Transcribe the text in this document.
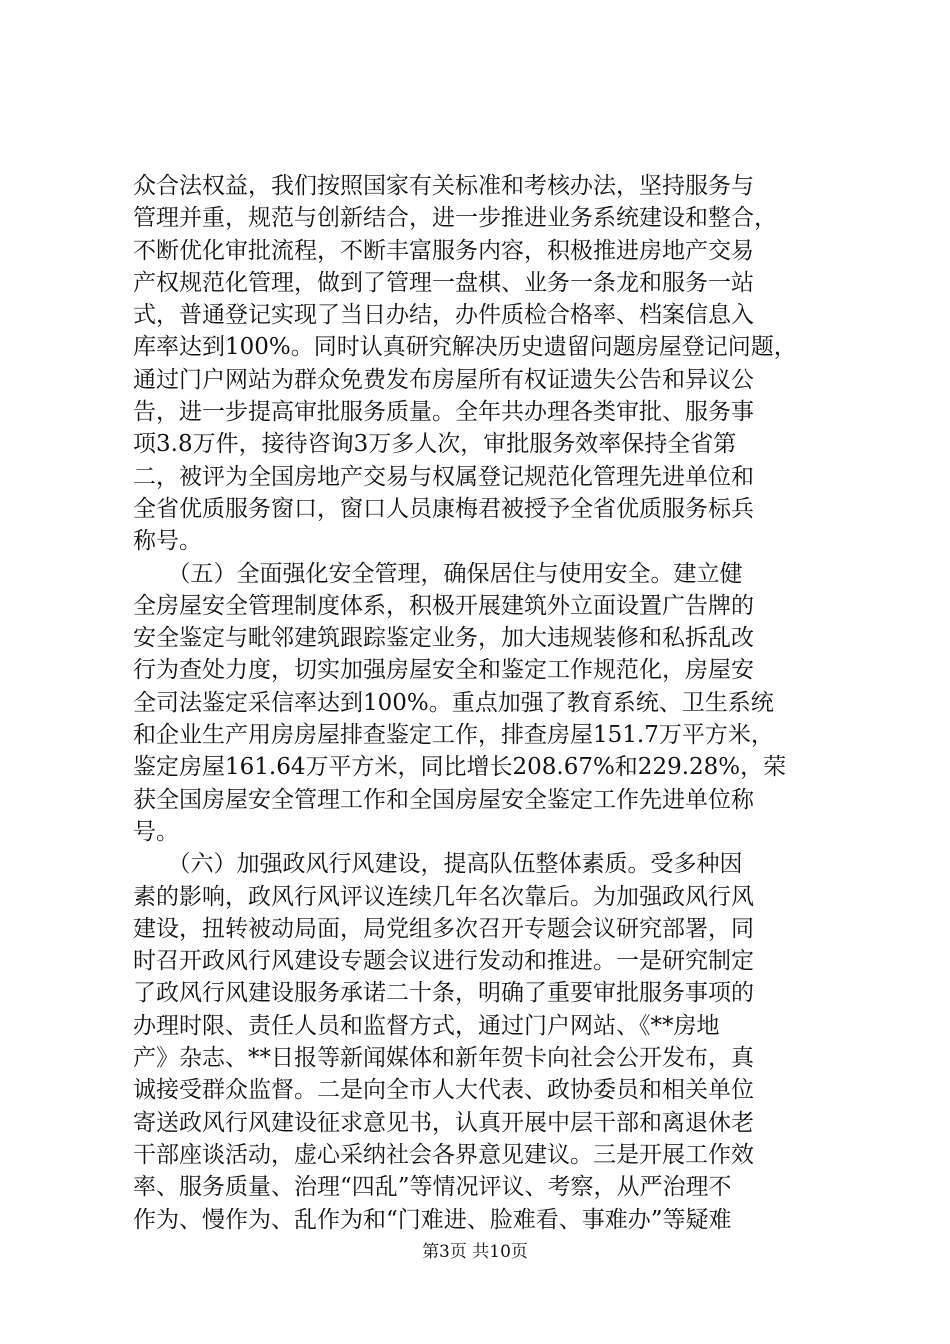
众合法权益，我们按照国家有关标准和考核办法，坚持服务与
管理并重，规范与创新结合，进一步推进业务系统建设和整合，
不断优化审批流程，不断丰富服务内容，积极推进房地产交易
产权规范化管理，做到了管理一盘棋、业务一条龙和服务一站
式，普通登记实现了当日办结，办件质检合格率、档案信息入
库率达到100%。同时认真研究解决历史遗留问题房屋登记问题，
通过门户网站为群众免费发布房屋所有权证遗失公告和异议公
告，进一步提高审批服务质量。全年共办理各类审批、服务事
项3.8万件，接待咨询3万多人次，审批服务效率保持全省第
二，被评为全国房地产交易与权属登记规范化管理先进单位和
全省优质服务窗口，窗口人员康梅君被授予全省优质服务标兵
称号。
　　（五）全面强化安全管理，确保居住与使用安全。建立健
全房屋安全管理制度体系，积极开展建筑外立面设置广告牌的
安全鉴定与毗邻建筑跟踪鉴定业务，加大违规装修和私拆乱改
行为查处力度，切实加强房屋安全和鉴定工作规范化，房屋安
全司法鉴定采信率达到100%。重点加强了教育系统、卫生系统
和企业生产用房房屋排查鉴定工作，排查房屋151.7万平方米，
鉴定房屋161.64万平方米，同比增长208.67%和229.28%，荣
获全国房屋安全管理工作和全国房屋安全鉴定工作先进单位称
号。
　　（六）加强政风行风建设，提高队伍整体素质。受多种因
素的影响，政风行风评议连续几年名次靠后。为加强政风行风
建设，扭转被动局面，局党组多次召开专题会议研究部署，同
时召开政风行风建设专题会议进行发动和推进。一是研究制定
了政风行风建设服务承诺二十条，明确了重要审批服务事项的
办理时限、责任人员和监督方式，通过门户网站、《**房地
产》杂志、**日报等新闻媒体和新年贺卡向社会公开发布，真
诚接受群众监督。二是向全市人大代表、政协委员和相关单位
寄送政风行风建设征求意见书，认真开展中层干部和离退休老
干部座谈活动，虚心采纳社会各界意见建议。三是开展工作效
率、服务质量、治理“四乱”等情况评议、考察，从严治理不
作为、慢作为、乱作为和“门难进、脸难看、事难办”等疑难
第3页 共10页
